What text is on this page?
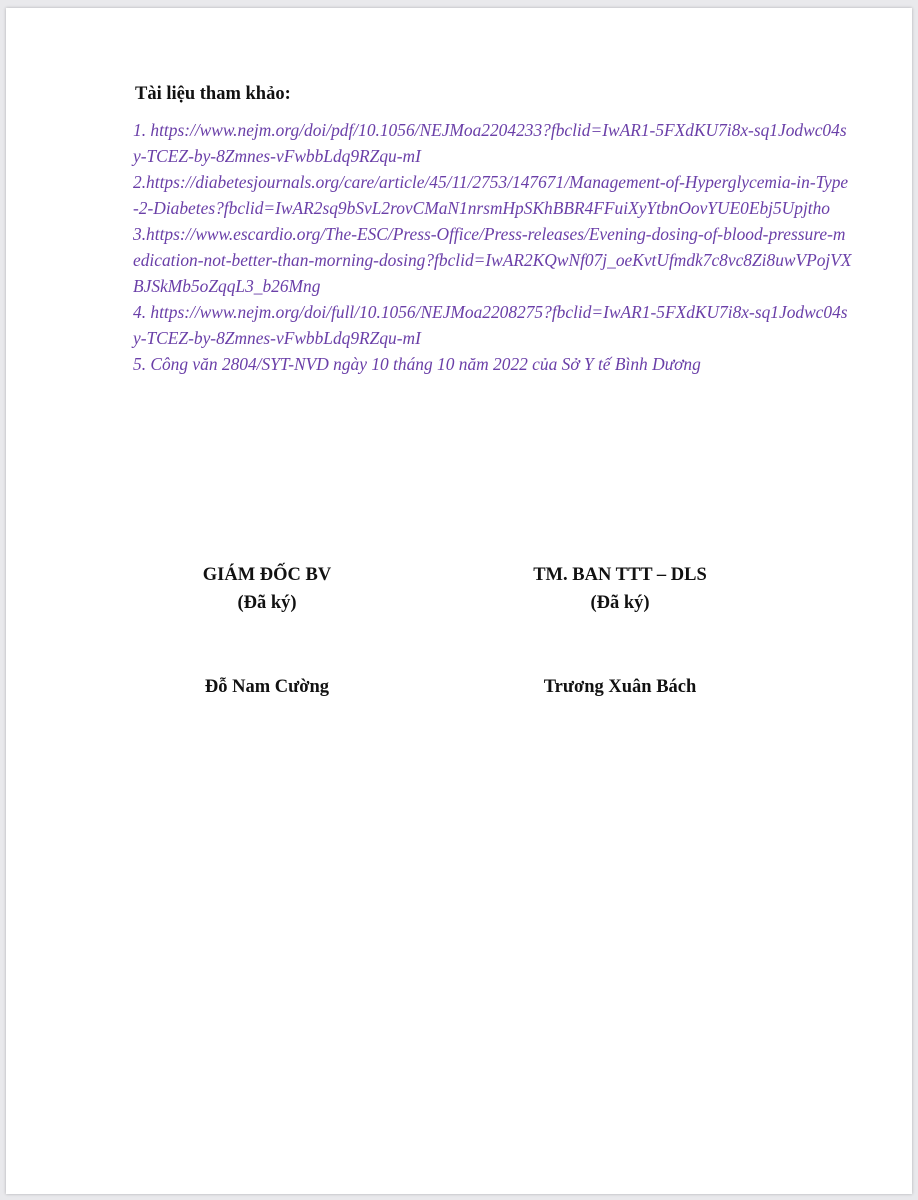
Tài liệu tham khảo:
1. https://www.nejm.org/doi/pdf/10.1056/NEJMoa2204233?fbclid=IwAR1-5FXdKU7i8x-sq1Jodwc04sy-TCEZ-by-8Zmnes-vFwbbLdq9RZqu-mI
2.https://diabetesjournals.org/care/article/45/11/2753/147671/Management-of-Hyperglycemia-in-Type-2-Diabetes?fbclid=IwAR2sq9bSvL2rovCMaN1nrsmHpSKhBBR4FFuiXyYtbnOovYUE0Ebj5Upjtho
3.https://www.escardio.org/The-ESC/Press-Office/Press-releases/Evening-dosing-of-blood-pressure-medication-not-better-than-morning-dosing?fbclid=IwAR2KQwNf07j_oeKvtUfmdk7c8vc8Zi8uwVPojVXBJSkMb5oZqqL3_b26Mng
4. https://www.nejm.org/doi/full/10.1056/NEJMoa2208275?fbclid=IwAR1-5FXdKU7i8x-sq1Jodwc04sy-TCEZ-by-8Zmnes-vFwbbLdq9RZqu-mI
5. Công văn 2804/SYT-NVD ngày 10 tháng 10 năm 2022 của Sở Y tế Bình Dương
GIÁM ĐỐC BV
(Đã ký)
TM. BAN TTT – DLS
(Đã ký)
Đỗ Nam Cường	Trương Xuân Bách
